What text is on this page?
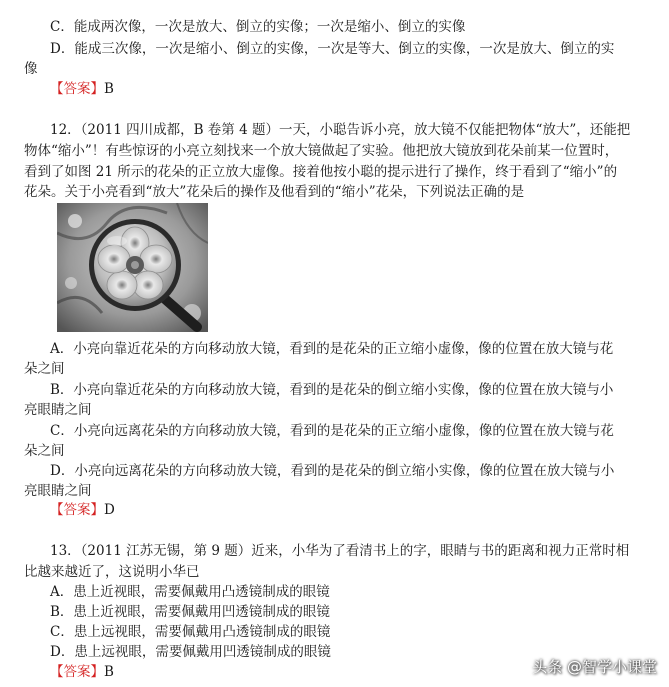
C．能成两次像，一次是放大、倒立的实像；一次是缩小、倒立的实像
D．能成三次像，一次是缩小、倒立的实像，一次是等大、倒立的实像，一次是放大、倒立的实
像
【答案】B
12．（2011 四川成都，B 卷第 4 题）一天，小聪告诉小亮，放大镜不仅能把物体“放大”，还能把
物体“缩小”！有些惊讶的小亮立刻找来一个放大镜做起了实验。他把放大镜放到花朵前某一位置时，
看到了如图 21 所示的花朵的正立放大虚像。接着他按小聪的提示进行了操作，终于看到了“缩小”的
花朵。关于小亮看到“放大”花朵后的操作及他看到的“缩小”花朵，下列说法正确的是
A．小亮向靠近花朵的方向移动放大镜，看到的是花朵的正立缩小虚像，像的位置在放大镜与花
朵之间
B．小亮向靠近花朵的方向移动放大镜，看到的是花朵的倒立缩小实像，像的位置在放大镜与小
亮眼睛之间
C．小亮向远离花朵的方向移动放大镜，看到的是花朵的正立缩小虚像，像的位置在放大镜与花
朵之间
D．小亮向远离花朵的方向移动放大镜，看到的是花朵的倒立缩小实像，像的位置在放大镜与小
亮眼睛之间
【答案】D
13．（2011 江苏无锡，第 9 题）近来，小华为了看清书上的字，眼睛与书的距离和视力正常时相
比越来越近了，这说明小华已
A．患上近视眼，需要佩戴用凸透镜制成的眼镜
B．患上近视眼，需要佩戴用凹透镜制成的眼镜
C．患上远视眼，需要佩戴用凸透镜制成的眼镜
D．患上远视眼，需要佩戴用凹透镜制成的眼镜
【答案】B	头条 @智学小课堂
